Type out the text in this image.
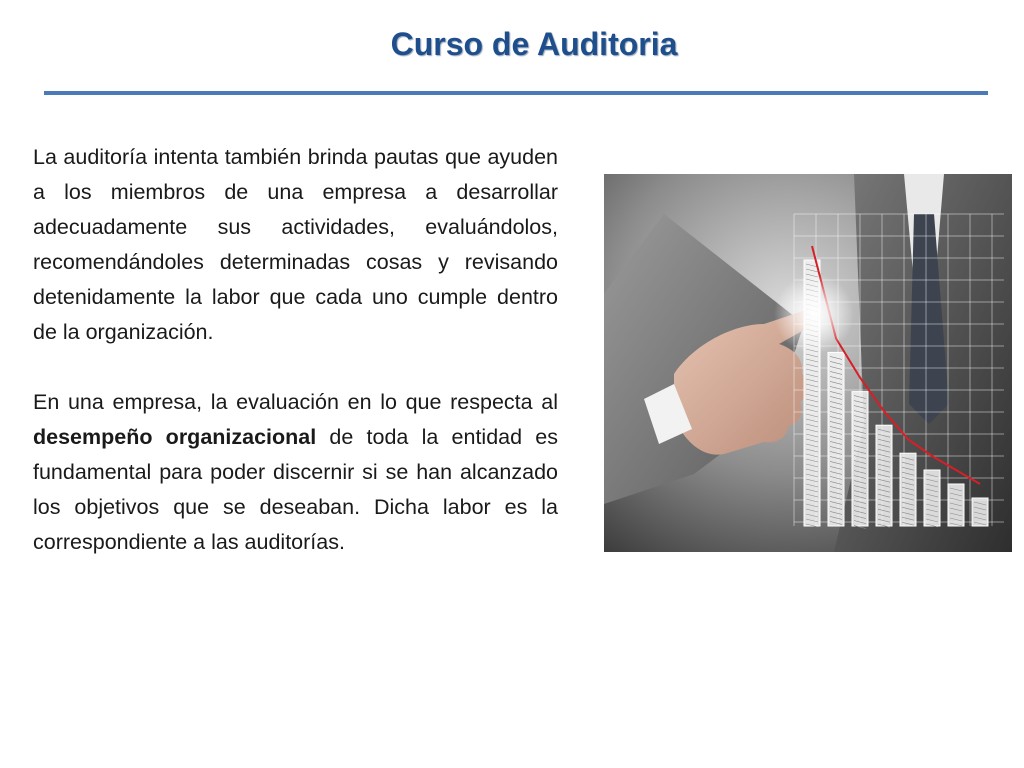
Curso de Auditoria

La auditoría intenta también brinda pautas que ayuden a los miembros de una empresa a desarrollar adecuadamente sus actividades, evaluándolos, recomendándoles determinadas cosas y revisando detenidamente la labor que cada uno cumple dentro de la organización.

En una empresa, la evaluación en lo que respecta al desempeño organizacional de toda la entidad es fundamental para poder discernir si se han alcanzado los objetivos que se deseaban. Dicha labor es la correspondiente a las auditorías.
